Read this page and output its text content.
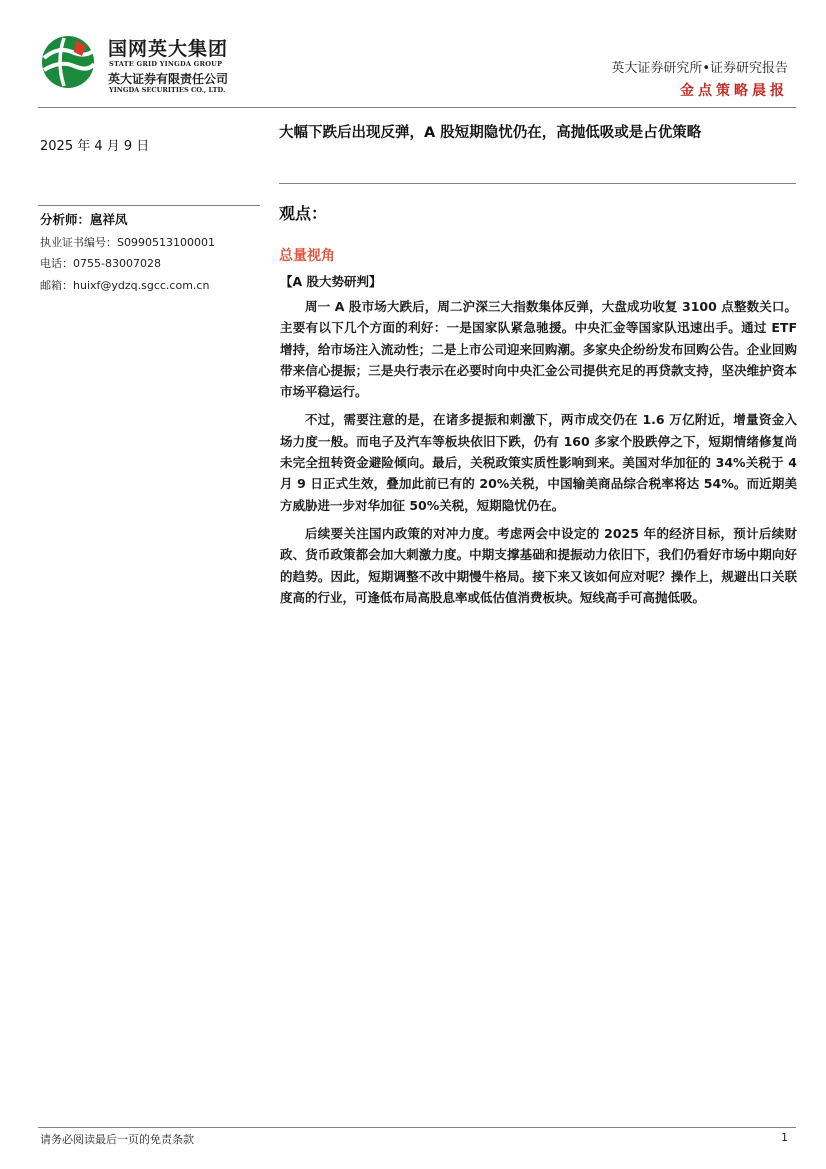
国网英大集团
STATE GRID YINGDA GROUP
英大证券有限责任公司
YINGDA SECURITIES CO., LTD.
英大证券研究所•证券研究报告
金点策略晨报
2025 年 4 月 9 日
大幅下跌后出现反弹，A 股短期隐忧仍在，高抛低吸或是占优策略
分析师：扈祥凤
执业证书编号：S0990513100001
电话：0755-83007028
邮箱：huixf@ydzq.sgcc.com.cn
观点：
总量视角
【A 股大势研判】

周一 A 股市场大跌后，周二沪深三大指数集体反弹，大盘成功收复 3100 点整数关口。主要有以下几个方面的利好：一是国家队紧急驰援。中央汇金等国家队迅速出手。通过 ETF 增持，给市场注入流动性；二是上市公司迎来回购潮。多家央企纷纷发布回购公告。企业回购带来信心提振；三是央行表示在必要时向中央汇金公司提供充足的再贷款支持，坚决维护资本市场平稳运行。

不过，需要注意的是，在诸多提振和刺激下，两市成交仍在 1.6 万亿附近，增量资金入场力度一般。而电子及汽车等板块依旧下跌，仍有 160 多家个股跌停之下，短期情绪修复尚未完全扭转资金避险倾向。最后，关税政策实质性影响到来。美国对华加征的 34%关税于 4 月 9 日正式生效，叠加此前已有的 20%关税，中国输美商品综合税率将达 54%。而近期美方威胁进一步对华加征 50%关税，短期隐忧仍在。

后续要关注国内政策的对冲力度。考虑两会中设定的 2025 年的经济目标，预计后续财政、货币政策都会加大刺激力度。中期支撑基础和提振动力依旧下，我们仍看好市场中期向好的趋势。因此，短期调整不改中期慢牛格局。接下来又该如何应对呢？操作上，规避出口关联度高的行业，可逢低布局高股息率或低估值消费板块。短线高手可高抛低吸。

请务必阅读最后一页的免责条款	1
